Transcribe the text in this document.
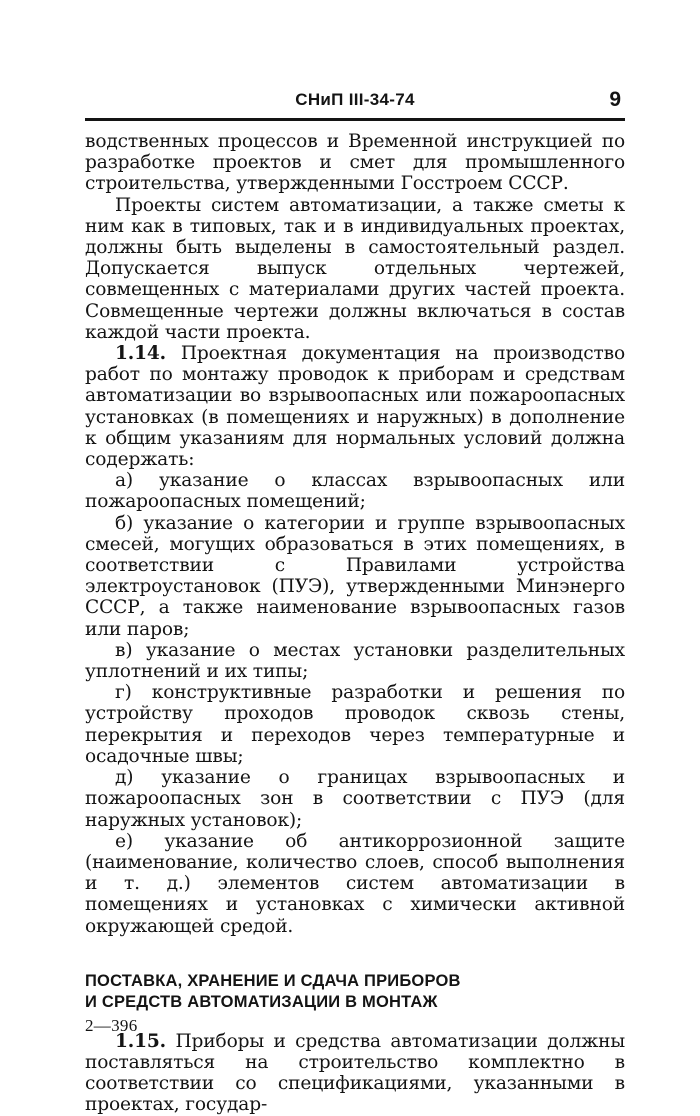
СНиП III-34-74	9

водственных процессов и Временной инструкцией по разработке проектов и смет для промышленного строительства, утвержденными Госстроем СССР.

Проекты систем автоматизации, а также сметы к ним как в типовых, так и в индивидуальных проектах, должны быть выделены в самостоятельный раздел. Допускается выпуск отдельных чертежей, совмещенных с материалами других частей проекта. Совмещенные чертежи должны включаться в состав каждой части проекта.

1.14. Проектная документация на производство работ по монтажу проводок к приборам и средствам автоматизации во взрывоопасных или пожароопасных установках (в помещениях и наружных) в дополнение к общим указаниям для нормальных условий должна содержать:

а) указание о классах взрывоопасных или пожароопасных помещений;

б) указание о категории и группе взрывоопасных смесей, могущих образоваться в этих помещениях, в соответствии с Правилами устройства электроустановок (ПУЭ), утвержденными Минэнерго СССР, а также наименование взрывоопасных газов или паров;

в) указание о местах установки разделительных уплотнений и их типы;

г) конструктивные разработки и решения по устройству проходов проводок сквозь стены, перекрытия и переходов через температурные и осадочные швы;

д) указание о границах взрывоопасных и пожароопасных зон в соответствии с ПУЭ (для наружных установок);

е) указание об антикоррозионной защите (наименование, количество слоев, способ выполнения и т. д.) элементов систем автоматизации в помещениях и установках с химически активной окружающей средой.

ПОСТАВКА, ХРАНЕНИЕ И СДАЧА ПРИБОРОВ
И СРЕДСТВ АВТОМАТИЗАЦИИ В МОНТАЖ

1.15. Приборы и средства автоматизации должны поставляться на строительство комплектно в соответствии со спецификациями, указанными в проектах, государ-

2—396
